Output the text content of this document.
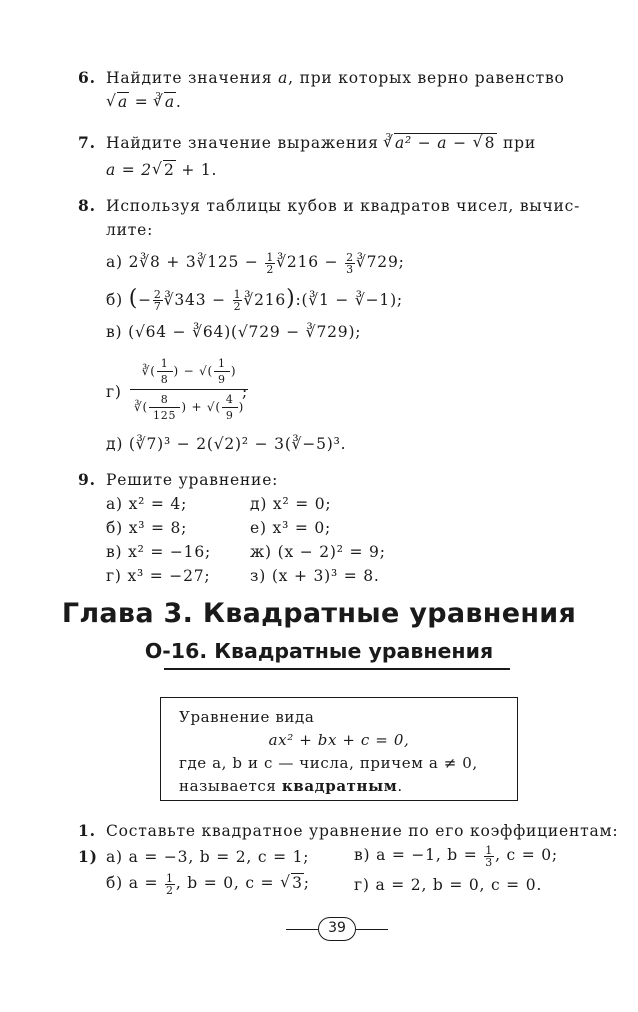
6. Найдите значения a, при которых верно равенство
√ a = $^3$ √ a.
7. Найдите значение выражения $^3$ √ a² − a − √ 8 при
a = 2 √ 2 + 1.
8. Используя таблицы кубов и квадратов чисел, вычис-
лите:
а) 2∛8 + 3∛125 − $\frac{1}{2}$ ∛216 − $\frac{2}{3}$ ∛729;
б) (− $\frac{2}{7}$ ∛343 − $\frac{1}{2}$ ∛216):(∛1 − ∛−1);
в) (√64 − ∛64)(√729 − ∛729);
г)
∛( $\frac{1}{8}$ ) − √( $\frac{1}{9}$ )
∛( $\frac{8}{125}$ ) + √( $\frac{4}{9}$ )
;
д) (∛7)³ − 2(√2)² − 3(∛−5)³.
9. Решите уравнение:
а) x² = 4;
б) x³ = 8;
в) x² = −16;
г) x³ = −27;
д) x² = 0;
е) x³ = 0;
ж) (x − 2)² = 9;
з) (x + 3)³ = 8.
Глава 3. Квадратные уравнения
О-16. Квадратные уравнения
Уравнение вида
ax² + bx + c = 0,
где a, b и c — числа, причем a ≠ 0,
называется квадратным.
1. Составьте квадратное уравнение по его коэффициентам:
1) а) a = −3, b = 2, c = 1;	в) a = −1, $b = \frac{1}{3}$ , c = 0;
б) $a = \frac{1}{2}$ , b = 0, c = √ 3;	г) a = 2, b = 0, c = 0.
39
